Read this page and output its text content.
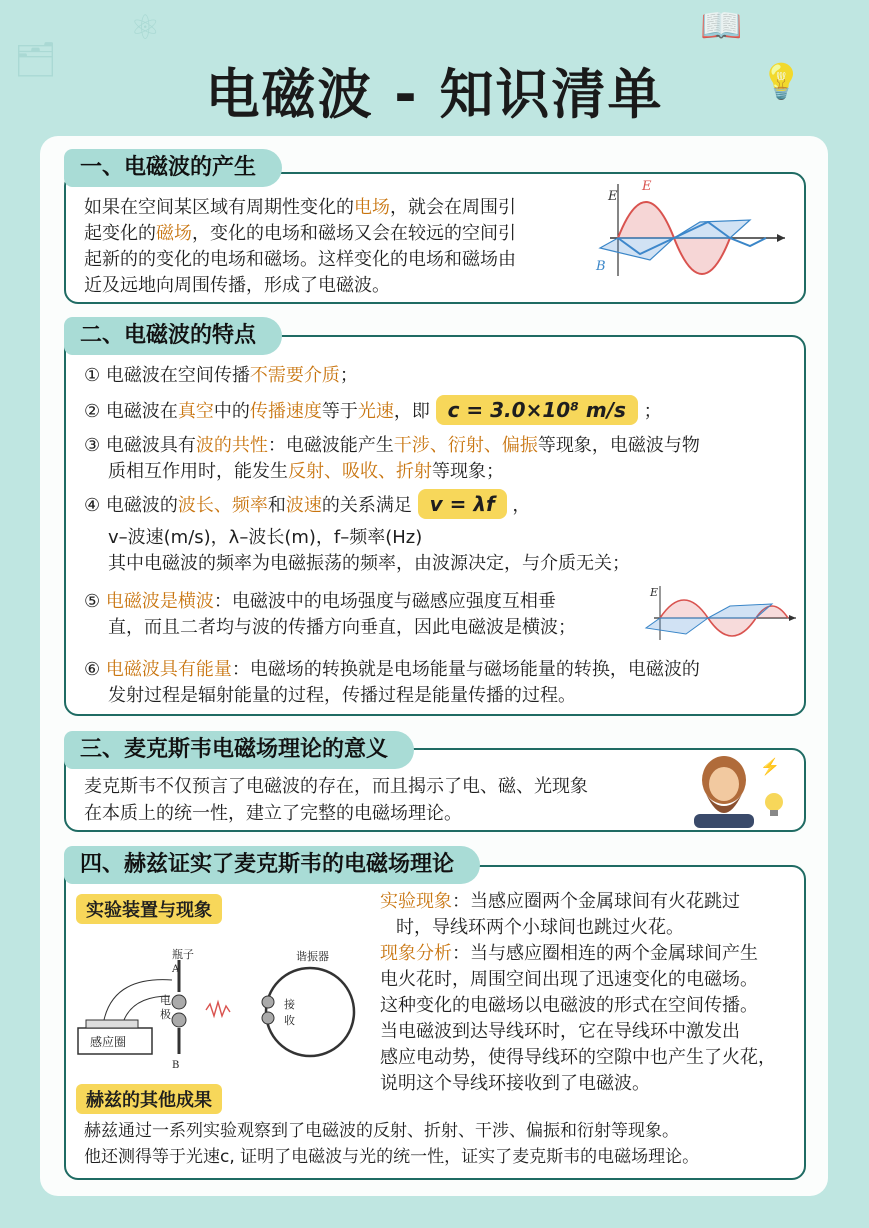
⚛	📖
💡
🗂
电磁波 - 知识清单
一、电磁波的产生
如果在空间某区域有周期性变化的电场，就会在周围引
起变化的磁场，变化的电场和磁场又会在较远的空间引
起新的的变化的电场和磁场。这样变化的电场和磁场由
近及远地向周围传播，形成了电磁波。
E
E
B
二、电磁波的特点
① 电磁波在空间传播不需要介质；
② 电磁波在真空中的传播速度等于光速，即 c = 3.0×10⁸ m/s ；
③ 电磁波具有波的共性：电磁波能产生干涉、衍射、偏振等现象，电磁波与物
质相互作用时，能发生反射、吸收、折射等现象；
④ 电磁波的波长、频率和波速的关系满足 v = λf ，
v–波速(m/s)，λ–波长(m)，f–频率(Hz)
其中电磁波的频率为电磁振荡的频率，由波源决定，与介质无关；
⑤ 电磁波是横波：电磁波中的电场强度与磁感应强度互相垂
直，而且二者均与波的传播方向垂直，因此电磁波是横波；
E
⑥ 电磁波具有能量：电磁场的转换就是电场能量与磁场能量的转换，电磁波的
发射过程是辐射能量的过程，传播过程是能量传播的过程。
三、麦克斯韦电磁场理论的意义
麦克斯韦不仅预言了电磁波的存在，而且揭示了电、磁、光现象
在本质上的统一性，建立了完整的电磁场理论。
⚡
四、赫兹证实了麦克斯韦的电磁场理论
实验装置与现象
瓶子
A
电
极
B
感应圈
谐振器
接
收
实验现象：当感应圈两个金属球间有火花跳过
时，导线环两个小球间也跳过火花。
现象分析：当与感应圈相连的两个金属球间产生
电火花时，周围空间出现了迅速变化的电磁场。
这种变化的电磁场以电磁波的形式在空间传播。
当电磁波到达导线环时，它在导线环中激发出
感应电动势，使得导线环的空隙中也产生了火花，
说明这个导线环接收到了电磁波。
赫兹的其他成果
赫兹通过一系列实验观察到了电磁波的反射、折射、干涉、偏振和衍射等现象。
他还测得等于光速c, 证明了电磁波与光的统一性，证实了麦克斯韦的电磁场理论。
